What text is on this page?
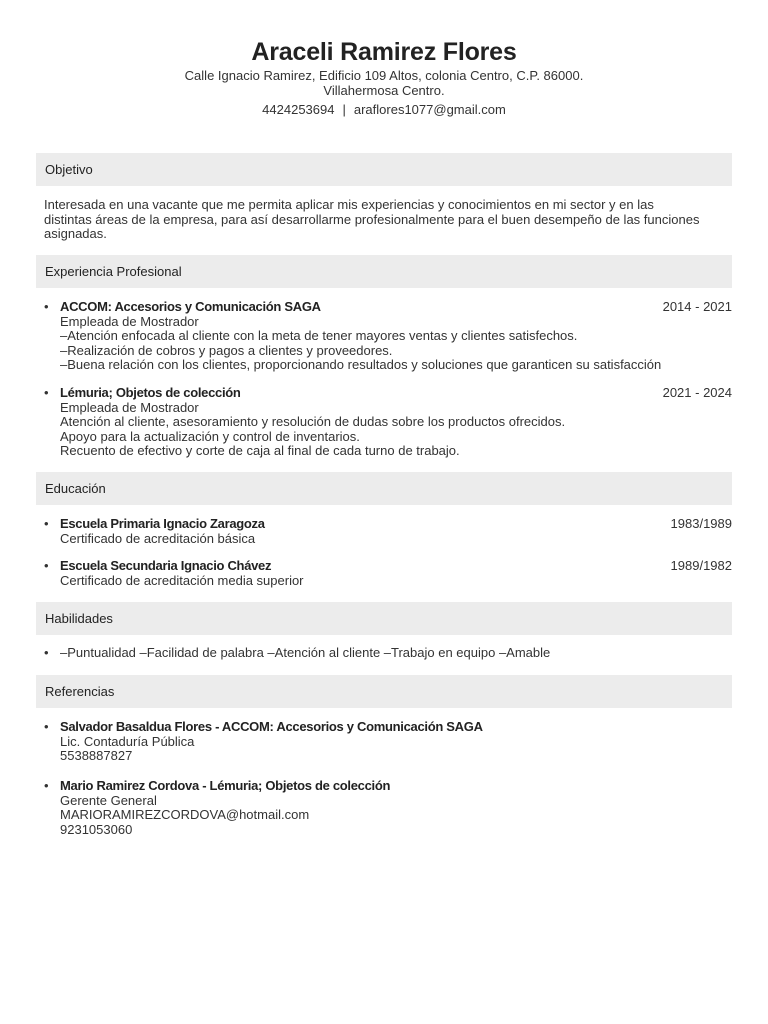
Araceli Ramirez Flores
Calle Ignacio Ramirez, Edificio 109 Altos, colonia Centro, C.P. 86000.
Villahermosa Centro.
4424253694 | araflores1077@gmail.com
Objetivo
Interesada en una vacante que me permita aplicar mis experiencias y conocimientos en mi sector y en las
distintas áreas de la empresa, para así desarrollarme profesionalmente para el buen desempeño de las funciones
asignadas.
Experiencia Profesional
• ACCOM: Accesorios y Comunicación SAGA	2014 - 2021
Empleada de Mostrador
–Atención enfocada al cliente con la meta de tener mayores ventas y clientes satisfechos.
–Realización de cobros y pagos a clientes y proveedores.
–Buena relación con los clientes, proporcionando resultados y soluciones que garanticen su satisfacción
• Lémuria; Objetos de colección	2021 - 2024
Empleada de Mostrador
Atención al cliente, asesoramiento y resolución de dudas sobre los productos ofrecidos.
Apoyo para la actualización y control de inventarios.
Recuento de efectivo y corte de caja al final de cada turno de trabajo.
Educación
• Escuela Primaria Ignacio Zaragoza	1983/1989
Certificado de acreditación básica
• Escuela Secundaria Ignacio Chávez	1989/1982
Certificado de acreditación media superior
Habilidades
• –Puntualidad –Facilidad de palabra –Atención al cliente –Trabajo en equipo –Amable
Referencias
• Salvador Basaldua Flores - ACCOM: Accesorios y Comunicación SAGA
Lic. Contaduría Pública
5538887827
• Mario Ramirez Cordova - Lémuria; Objetos de colección
Gerente General
MARIORAMIREZCORDOVA@hotmail.com
9231053060
